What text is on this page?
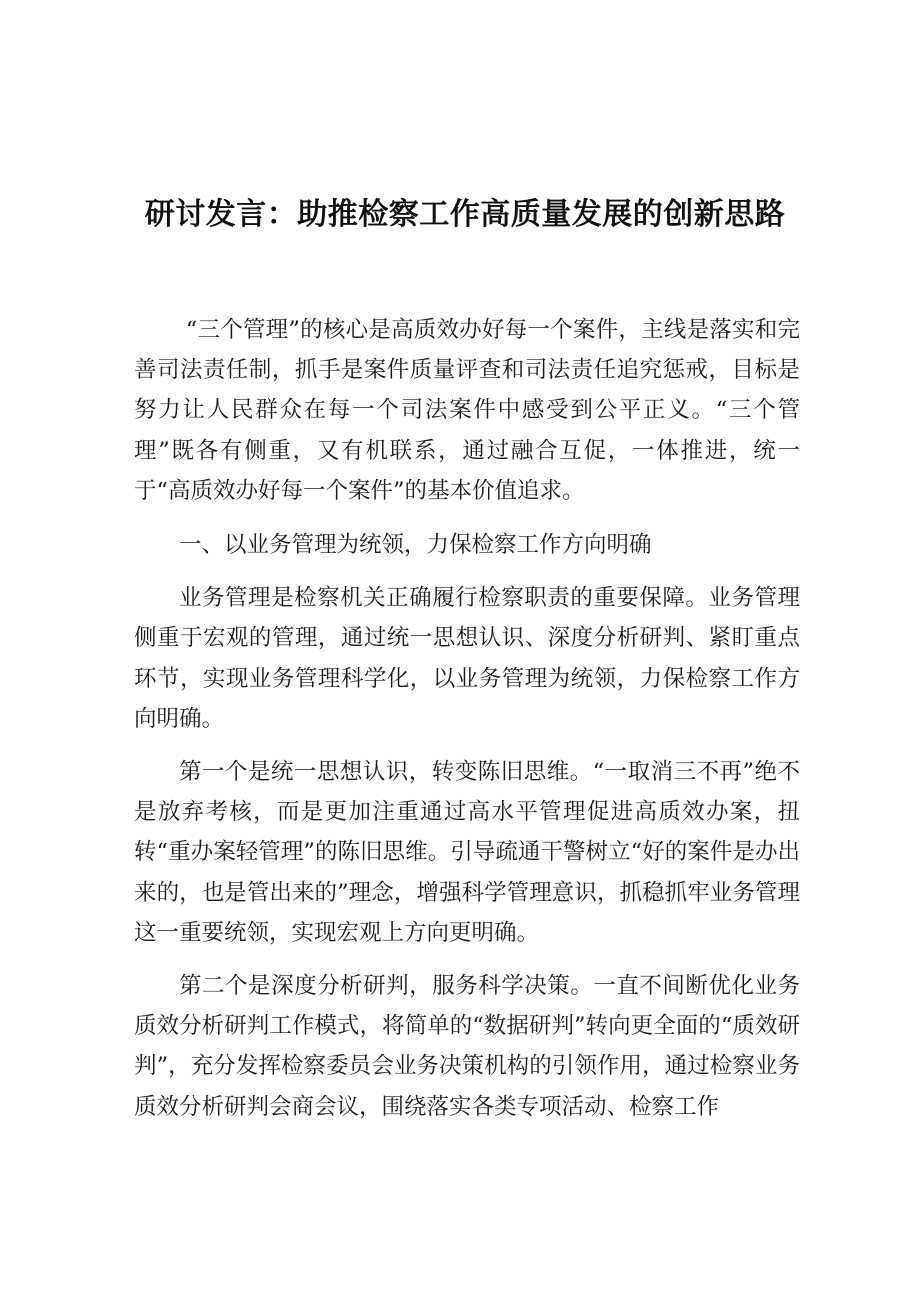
研讨发言：助推检察工作高质量发展的创新思路

“三个管理”的核心是高质效办好每一个案件，主线是落实和完善司法责任制，抓手是案件质量评查和司法责任追究惩戒，目标是努力让人民群众在每一个司法案件中感受到公平正义。“三个管理”既各有侧重，又有机联系，通过融合互促，一体推进，统一于“高质效办好每一个案件”的基本价值追求。

一、以业务管理为统领，力保检察工作方向明确

业务管理是检察机关正确履行检察职责的重要保障。业务管理侧重于宏观的管理，通过统一思想认识、深度分析研判、紧盯重点环节，实现业务管理科学化，以业务管理为统领，力保检察工作方向明确。

第一个是统一思想认识，转变陈旧思维。“一取消三不再”绝不是放弃考核，而是更加注重通过高水平管理促进高质效办案，扭转“重办案轻管理”的陈旧思维。引导疏通干警树立“好的案件是办出来的，也是管出来的”理念，增强科学管理意识，抓稳抓牢业务管理这一重要统领，实现宏观上方向更明确。

第二个是深度分析研判，服务科学决策。一直不间断优化业务质效分析研判工作模式，将简单的“数据研判”转向更全面的“质效研判”，充分发挥检察委员会业务决策机构的引领作用，通过检察业务质效分析研判会商会议，围绕落实各类专项活动、检察工作
